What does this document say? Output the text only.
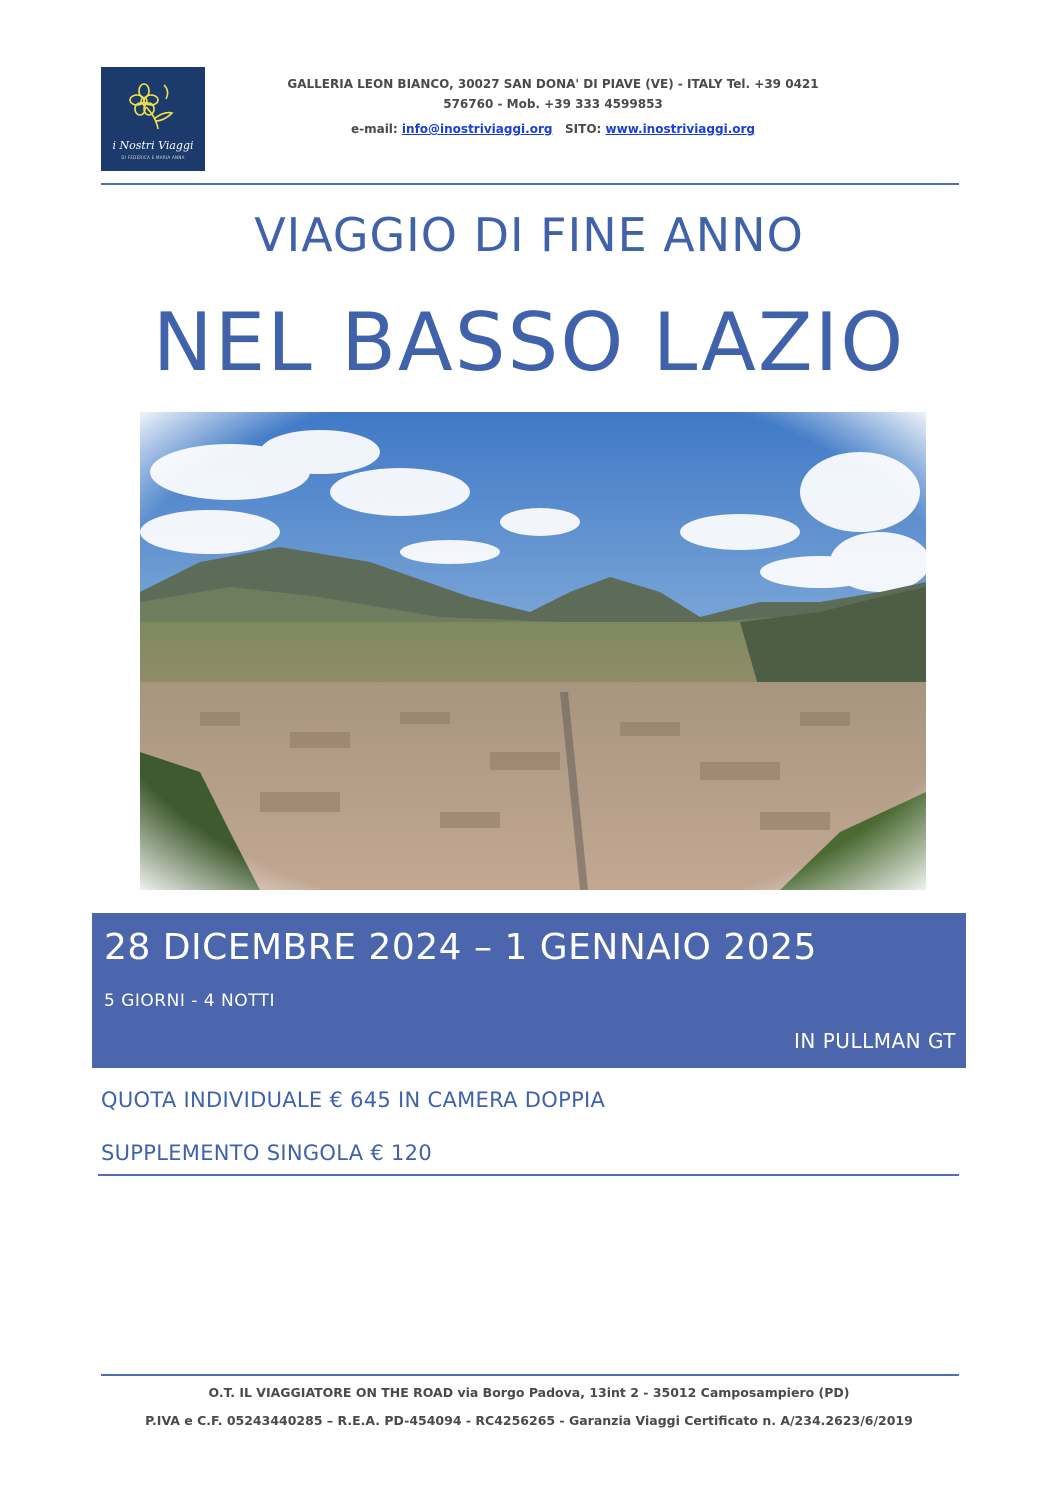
i Nostri Viaggi
DI FEDERICA E MARIA ANNA
GALLERIA LEON BIANCO, 30027 SAN DONA' DI PIAVE (VE) - ITALY Tel. +39 0421
576760 - Mob. +39 333 4599853
e-mail: info@inostriviaggi.org SITO: www.inostriviaggi.org
VIAGGIO DI FINE ANNO
NEL BASSO LAZIO
28 DICEMBRE 2024 – 1 GENNAIO 2025
5 GIORNI - 4 NOTTI
IN PULLMAN GT
QUOTA INDIVIDUALE € 645 IN CAMERA DOPPIA
SUPPLEMENTO SINGOLA € 120
O.T. IL VIAGGIATORE ON THE ROAD via Borgo Padova, 13int 2 - 35012 Camposampiero (PD)
P.IVA e C.F. 05243440285 – R.E.A. PD-454094 - RC4256265 - Garanzia Viaggi Certificato n. A/234.2623/6/2019
